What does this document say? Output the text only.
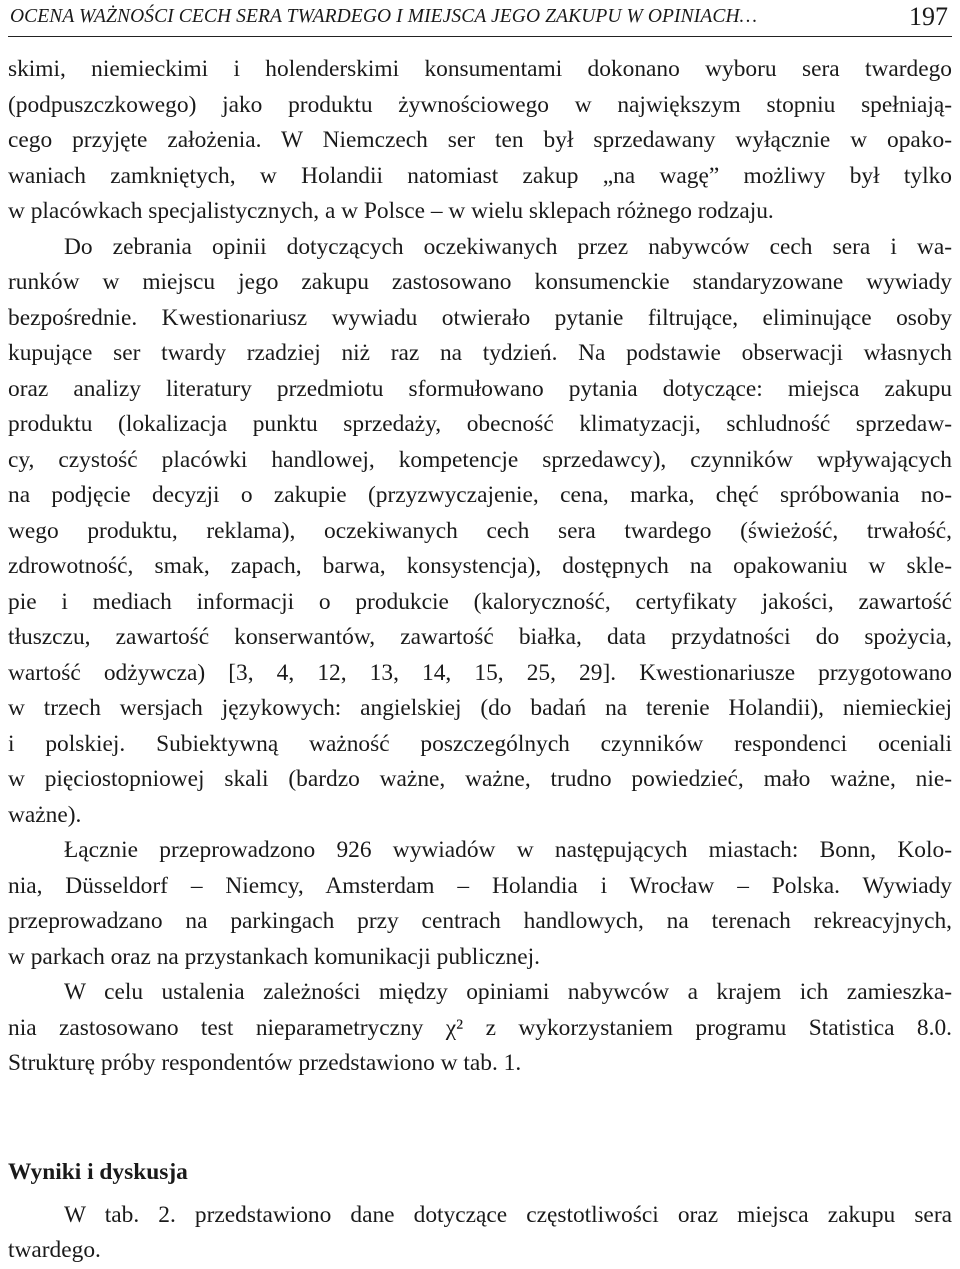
OCENA WAŻNOŚCI CECH SERA TWARDEGO I MIEJSCA JEGO ZAKUPU W OPINIACH…	197
skimi, niemieckimi i holenderskimi konsumentami dokonano wyboru sera twardego
(podpuszczkowego) jako produktu żywnościowego w największym stopniu spełniają-
cego przyjęte założenia. W Niemczech ser ten był sprzedawany wyłącznie w opako-
waniach zamkniętych, w Holandii natomiast zakup „na wagę” możliwy był tylko
w placówkach specjalistycznych, a w Polsce – w wielu sklepach różnego rodzaju.
Do zebrania opinii dotyczących oczekiwanych przez nabywców cech sera i wa-
runków w miejscu jego zakupu zastosowano konsumenckie standaryzowane wywiady
bezpośrednie. Kwestionariusz wywiadu otwierało pytanie filtrujące, eliminujące osoby
kupujące ser twardy rzadziej niż raz na tydzień. Na podstawie obserwacji własnych
oraz analizy literatury przedmiotu sformułowano pytania dotyczące: miejsca zakupu
produktu (lokalizacja punktu sprzedaży, obecność klimatyzacji, schludność sprzedaw-
cy, czystość placówki handlowej, kompetencje sprzedawcy), czynników wpływających
na podjęcie decyzji o zakupie (przyzwyczajenie, cena, marka, chęć spróbowania no-
wego produktu, reklama), oczekiwanych cech sera twardego (świeżość, trwałość,
zdrowotność, smak, zapach, barwa, konsystencja), dostępnych na opakowaniu w skle-
pie i mediach informacji o produkcie (kaloryczność, certyfikaty jakości, zawartość
tłuszczu, zawartość konserwantów, zawartość białka, data przydatności do spożycia,
wartość odżywcza) [3, 4, 12, 13, 14, 15, 25, 29]. Kwestionariusze przygotowano
w trzech wersjach językowych: angielskiej (do badań na terenie Holandii), niemieckiej
i polskiej. Subiektywną ważność poszczególnych czynników respondenci oceniali
w pięciostopniowej skali (bardzo ważne, ważne, trudno powiedzieć, mało ważne, nie-
ważne).
Łącznie przeprowadzono 926 wywiadów w następujących miastach: Bonn, Kolo-
nia, Düsseldorf – Niemcy, Amsterdam – Holandia i Wrocław – Polska. Wywiady
przeprowadzano na parkingach przy centrach handlowych, na terenach rekreacyjnych,
w parkach oraz na przystankach komunikacji publicznej.
W celu ustalenia zależności między opiniami nabywców a krajem ich zamieszka-
nia zastosowano test nieparametryczny χ² z wykorzystaniem programu Statistica 8.0.
Strukturę próby respondentów przedstawiono w tab. 1.
Wyniki i dyskusja
W tab. 2. przedstawiono dane dotyczące częstotliwości oraz miejsca zakupu sera
twardego.
